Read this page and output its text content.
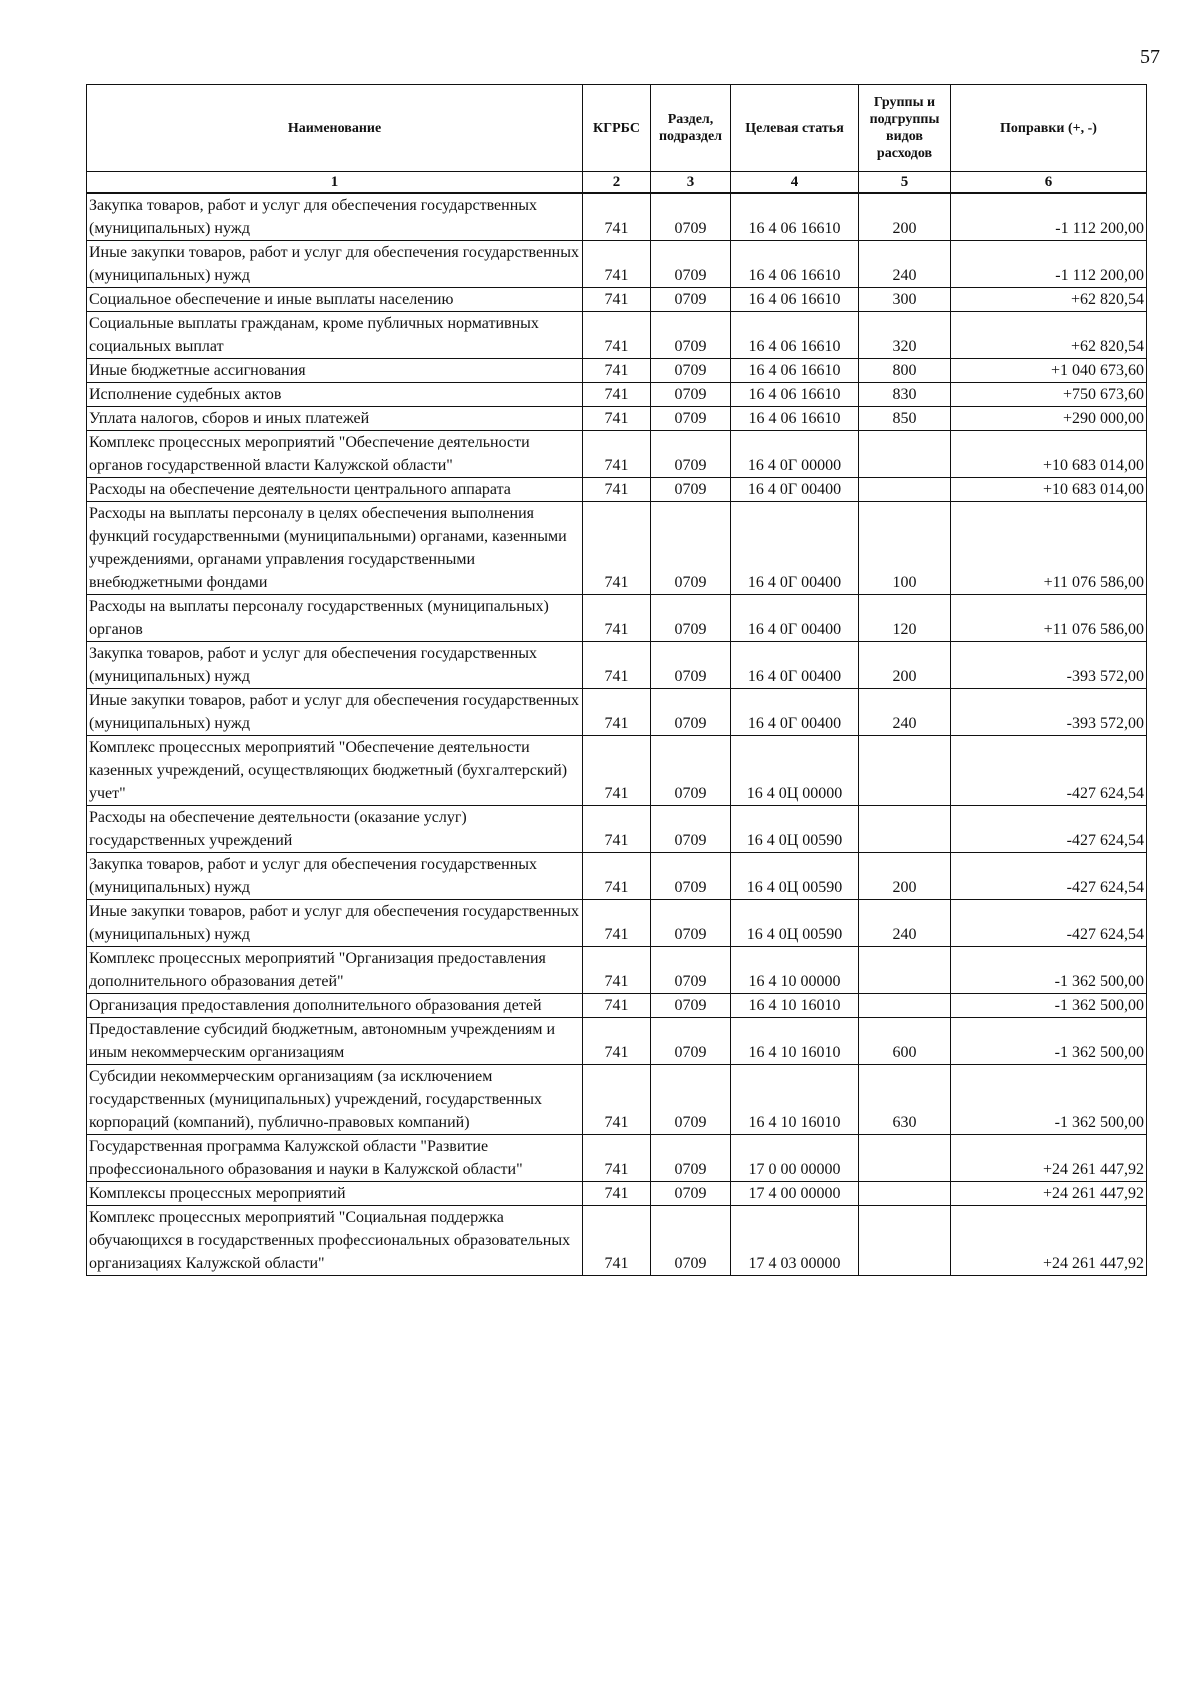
57
Наименование	КГРБС	Раздел, подраздел	Целевая статья	Группы и подгруппы видов расходов	Поправки (+, -)
1	2	3	4	5	6
Закупка товаров, работ и услуг для обеспечения государственных (муниципальных) нужд	741	0709	16 4 06 16610	200	-1 112 200,00
Иные закупки товаров, работ и услуг для обеспечения государственных (муниципальных) нужд	741	0709	16 4 06 16610	240	-1 112 200,00
Социальное обеспечение и иные выплаты населению	741	0709	16 4 06 16610	300	+62 820,54
Социальные выплаты гражданам, кроме публичных нормативных социальных выплат	741	0709	16 4 06 16610	320	+62 820,54
Иные бюджетные ассигнования	741	0709	16 4 06 16610	800	+1 040 673,60
Исполнение судебных актов	741	0709	16 4 06 16610	830	+750 673,60
Уплата налогов, сборов и иных платежей	741	0709	16 4 06 16610	850	+290 000,00
Комплекс процессных мероприятий "Обеспечение деятельности органов государственной власти Калужской области"	741	0709	16 4 0Г 00000		+10 683 014,00
Расходы на обеспечение деятельности центрального аппарата	741	0709	16 4 0Г 00400		+10 683 014,00
Расходы на выплаты персоналу в целях обеспечения выполнения функций государственными (муниципальными) органами, казенными учреждениями, органами управления государственными внебюджетными фондами	741	0709	16 4 0Г 00400	100	+11 076 586,00
Расходы на выплаты персоналу государственных (муниципальных) органов	741	0709	16 4 0Г 00400	120	+11 076 586,00
Закупка товаров, работ и услуг для обеспечения государственных (муниципальных) нужд	741	0709	16 4 0Г 00400	200	-393 572,00
Иные закупки товаров, работ и услуг для обеспечения государственных (муниципальных) нужд	741	0709	16 4 0Г 00400	240	-393 572,00
Комплекс процессных мероприятий "Обеспечение деятельности казенных учреждений, осуществляющих бюджетный (бухгалтерский) учет"	741	0709	16 4 0Ц 00000		-427 624,54
Расходы на обеспечение деятельности (оказание услуг) государственных учреждений	741	0709	16 4 0Ц 00590		-427 624,54
Закупка товаров, работ и услуг для обеспечения государственных (муниципальных) нужд	741	0709	16 4 0Ц 00590	200	-427 624,54
Иные закупки товаров, работ и услуг для обеспечения государственных (муниципальных) нужд	741	0709	16 4 0Ц 00590	240	-427 624,54
Комплекс процессных мероприятий "Организация предоставления дополнительного образования детей"	741	0709	16 4 10 00000		-1 362 500,00
Организация предоставления дополнительного образования детей	741	0709	16 4 10 16010		-1 362 500,00
Предоставление субсидий бюджетным, автономным учреждениям и иным некоммерческим организациям	741	0709	16 4 10 16010	600	-1 362 500,00
Субсидии некоммерческим организациям (за исключением государственных (муниципальных) учреждений, государственных корпораций (компаний), публично-правовых компаний)	741	0709	16 4 10 16010	630	-1 362 500,00
Государственная программа Калужской области "Развитие профессионального образования и науки в Калужской области"	741	0709	17 0 00 00000		+24 261 447,92
Комплексы процессных мероприятий	741	0709	17 4 00 00000		+24 261 447,92
Комплекс процессных мероприятий "Социальная поддержка обучающихся в государственных профессиональных образовательных организациях Калужской области"	741	0709	17 4 03 00000		+24 261 447,92
